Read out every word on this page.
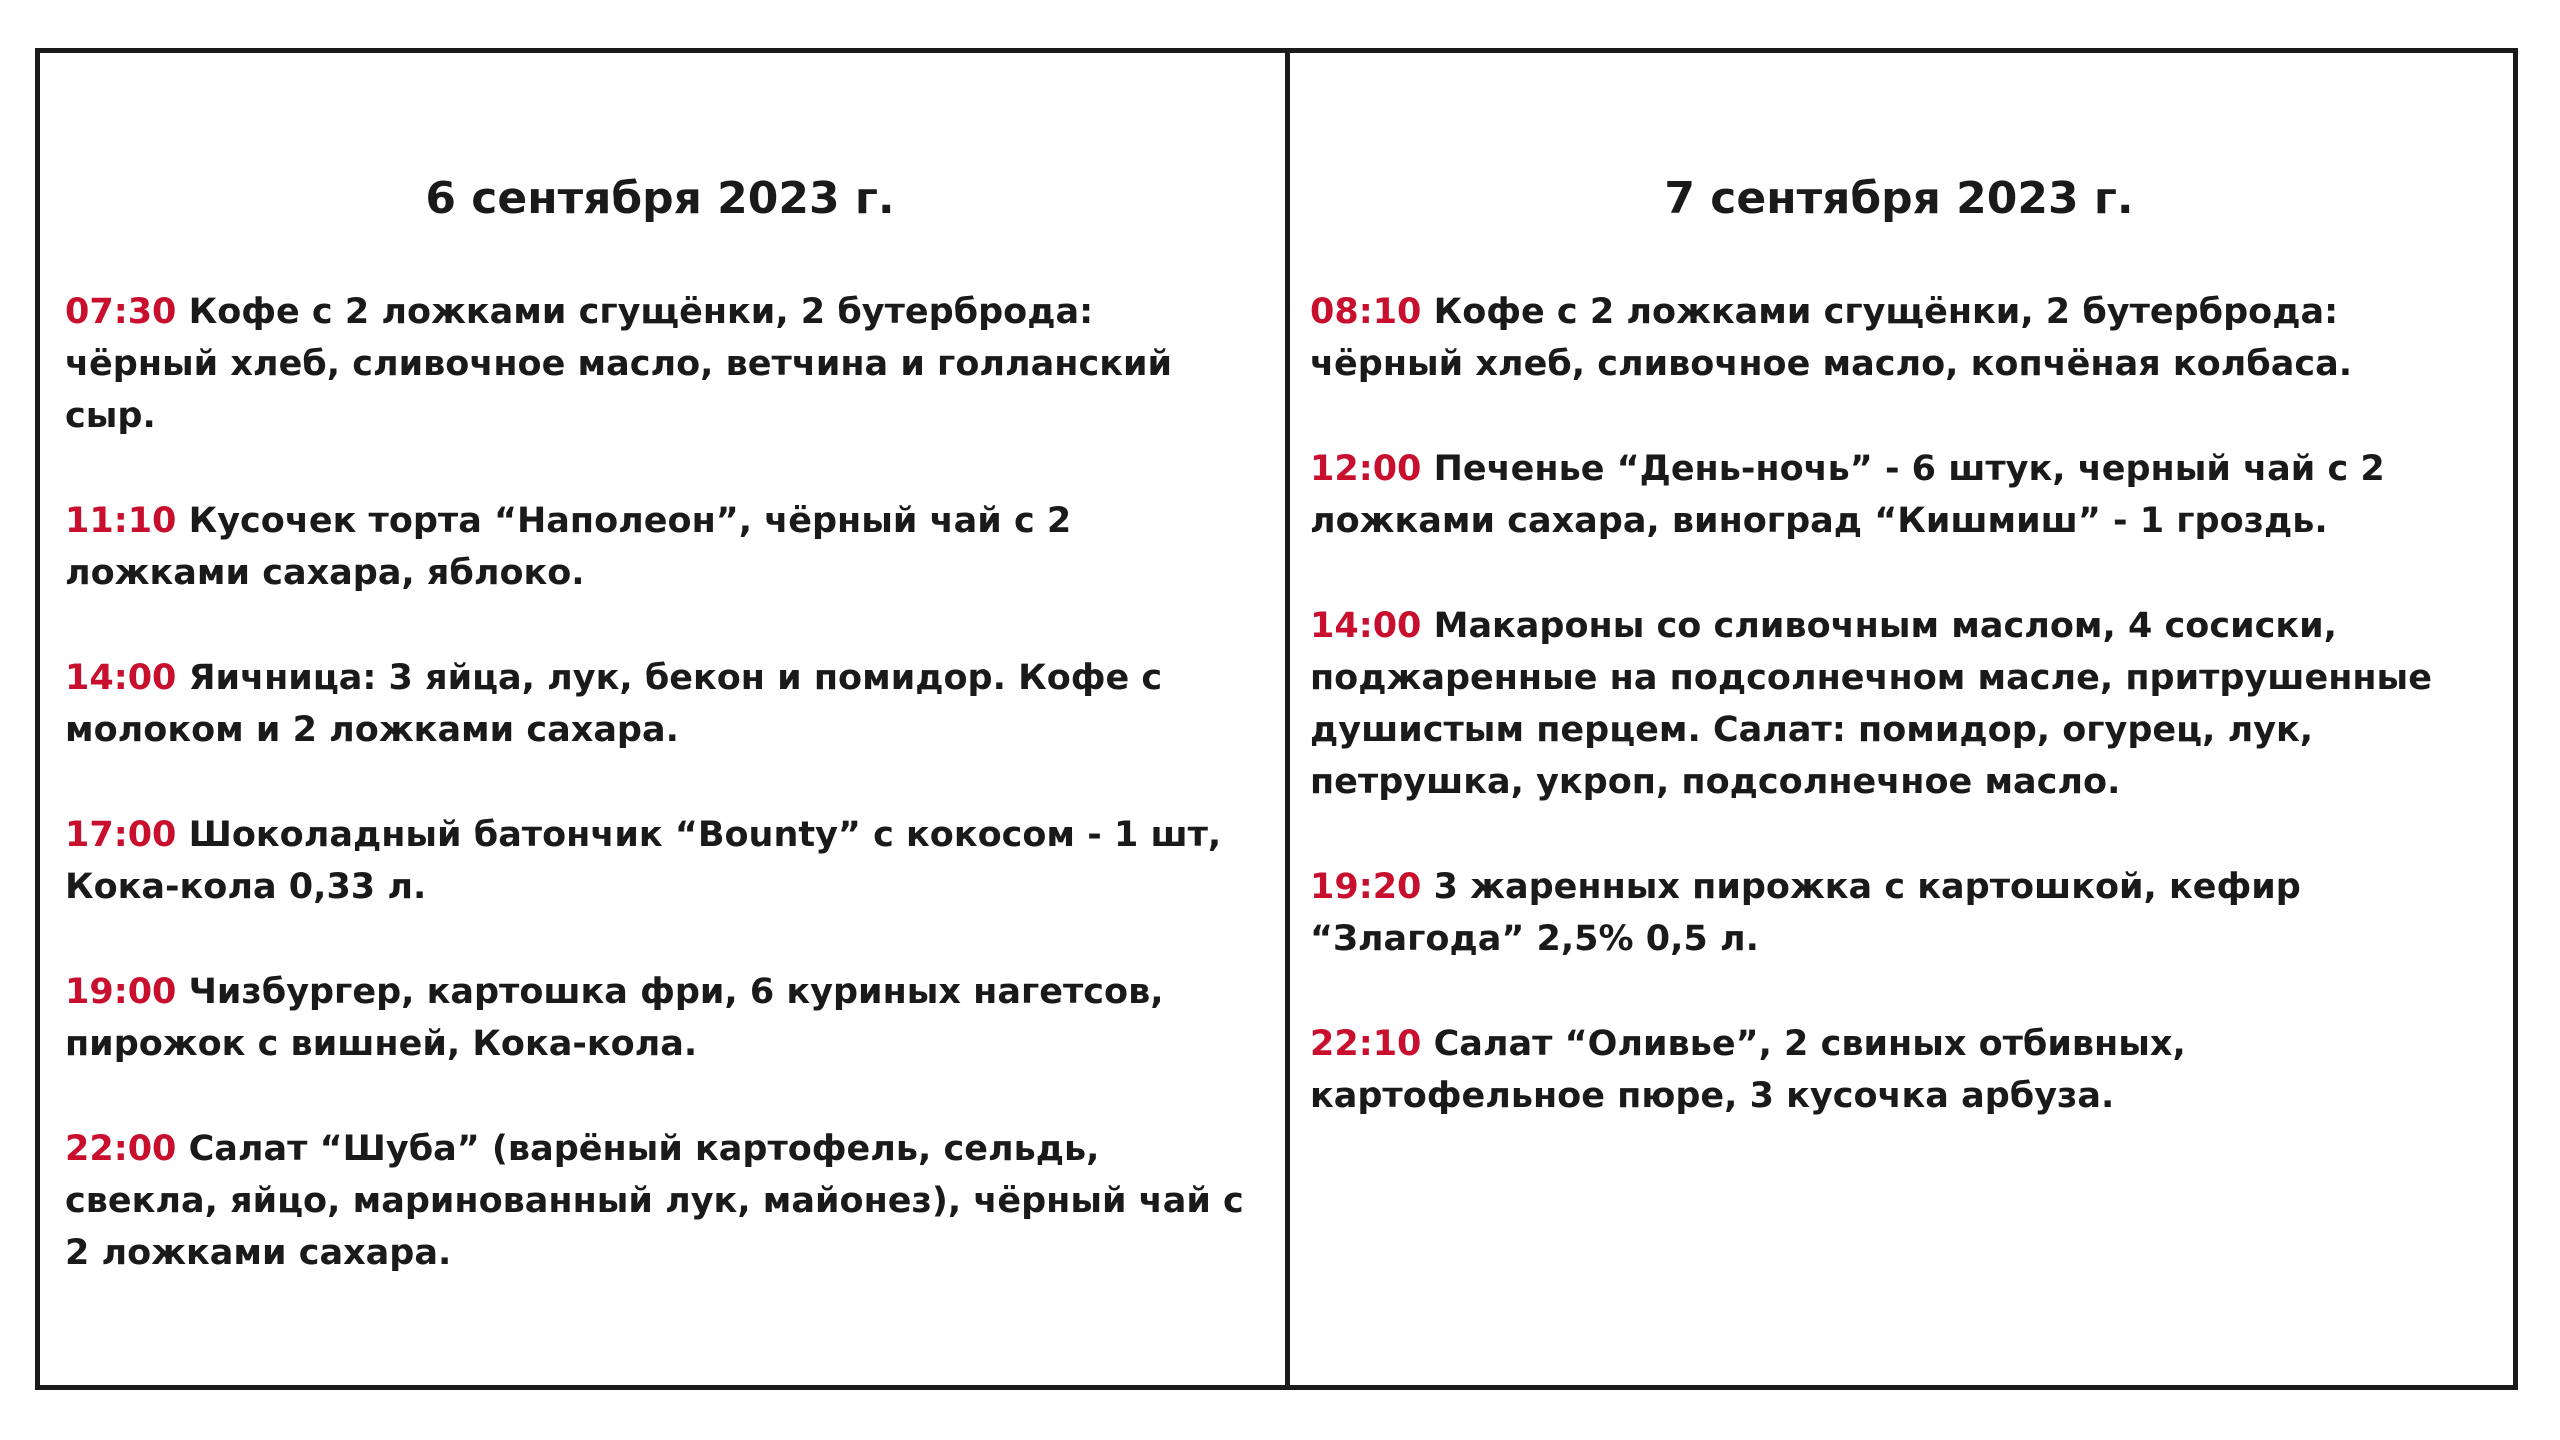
6 сентября 2023 г.
07:30 Кофе с 2 ложками сгущёнки, 2 бутерброда: чёрный хлеб, сливочное масло, ветчина и голланский сыр.
11:10 Кусочек торта “Наполеон”, чёрный чай с 2 ложками сахара, яблоко.
14:00 Яичница: 3 яйца, лук, бекон и помидор. Кофе с молоком и 2 ложками сахара.
17:00 Шоколадный батончик “Bounty” с кокосом - 1 шт, Кока-кола 0,33 л.
19:00 Чизбургер, картошка фри, 6 куриных нагетсов, пирожок с вишней, Кока-кола.
22:00 Салат “Шуба” (варёный картофель, сельдь, свекла, яйцо, маринованный лук, майонез), чёрный чай с 2 ложками сахара.
7 сентября 2023 г.
08:10 Кофе с 2 ложками сгущёнки, 2 бутерброда: чёрный хлеб, сливочное масло, копчёная колбаса.
12:00 Печенье “День-ночь” - 6 штук, черный чай с 2 ложками сахара, виноград “Кишмиш” - 1 гроздь.
14:00 Макароны со сливочным маслом, 4 сосиски, поджаренные на подсолнечном масле, притрушенные душистым перцем. Салат: помидор, огурец, лук, петрушка, укроп, подсолнечное масло.
19:20 3 жаренных пирожка с картошкой, кефир “Злагода” 2,5% 0,5 л.
22:10 Салат “Оливье”, 2 свиных отбивных, картофельное пюре, 3 кусочка арбуза.
